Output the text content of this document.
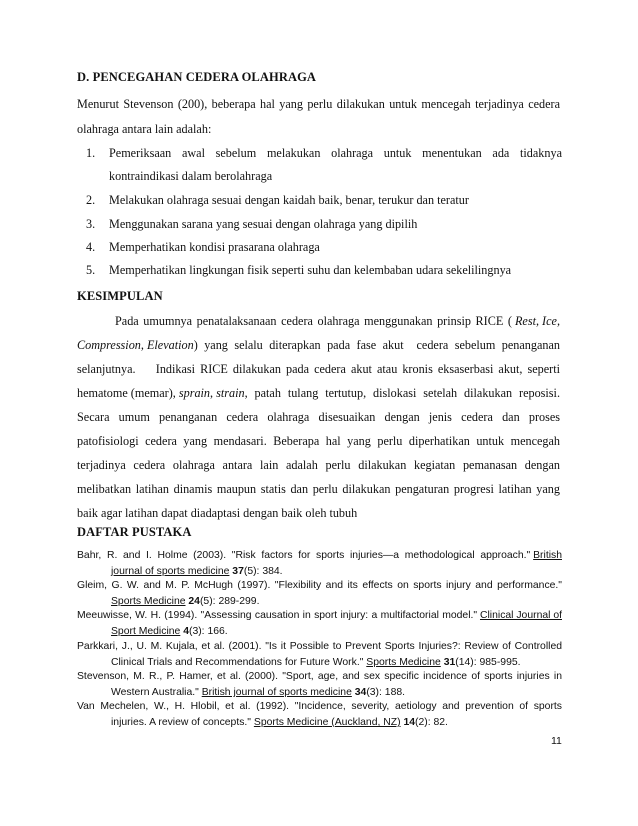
D. PENCEGAHAN CEDERA OLAHRAGA
Menurut Stevenson (200), beberapa hal yang perlu dilakukan untuk mencegah terjadinya cedera
olahraga antara lain adalah:
1. Pemeriksaan awal sebelum melakukan olahraga untuk menentukan ada tidaknya
kontraindikasi dalam berolahraga
2. Melakukan olahraga sesuai dengan kaidah baik, benar, terukur dan teratur
3. Menggunakan sarana yang sesuai dengan olahraga yang dipilih
4. Memperhatikan kondisi prasarana olahraga
5. Memperhatikan lingkungan fisik seperti suhu dan kelembaban udara sekelilingnya
KESIMPULAN
Pada umumnya penatalaksanaan cedera olahraga menggunakan prinsip RICE ( Rest, Ice,
Compression, Elevation ) yang selalu diterapkan pada fase akut  cedera sebelum penanganan
selanjutnya.    Indikasi RICE dilakukan pada cedera akut atau kronis eksaserbasi akut, seperti
hematome (memar), sprain , strain , patah tulang tertutup, dislokasi setelah dilakukan reposisi.
Secara umum penanganan cedera olahraga disesuaikan dengan jenis cedera dan proses
patofisiologi cedera yang mendasari. Beberapa hal yang perlu diperhatikan untuk mencegah
terjadinya cedera olahraga antara lain adalah perlu dilakukan kegiatan pemanasan dengan
melibatkan latihan dinamis maupun statis dan perlu dilakukan pengaturan progresi latihan yang
baik agar latihan dapat diadaptasi dengan baik oleh tubuh
DAFTAR PUSTAKA
Bahr, R. and I. Holme (2003). "Risk factors for sports injuries—a methodological approach." British
journal of sports medicine 37(5): 384.
Gleim, G. W. and M. P. McHugh (1997). "Flexibility and its effects on sports injury and performance."
Sports Medicine 24(5): 289-299.
Meeuwisse, W. H. (1994). "Assessing causation in sport injury: a multifactorial model." Clinical Journal of
Sport Medicine 4(3): 166.
Parkkari, J., U. M. Kujala, et al. (2001). "Is it Possible to Prevent Sports Injuries?: Review of Controlled
Clinical Trials and Recommendations for Future Work." Sports Medicine 31(14): 985-995.
Stevenson, M. R., P. Hamer, et al. (2000). "Sport, age, and sex specific incidence of sports injuries in
Western Australia." British journal of sports medicine 34(3): 188.
Van Mechelen, W., H. Hlobil, et al. (1992). "Incidence, severity, aetiology and prevention of sports
injuries. A review of concepts." Sports Medicine (Auckland, NZ) 14(2): 82.
11
